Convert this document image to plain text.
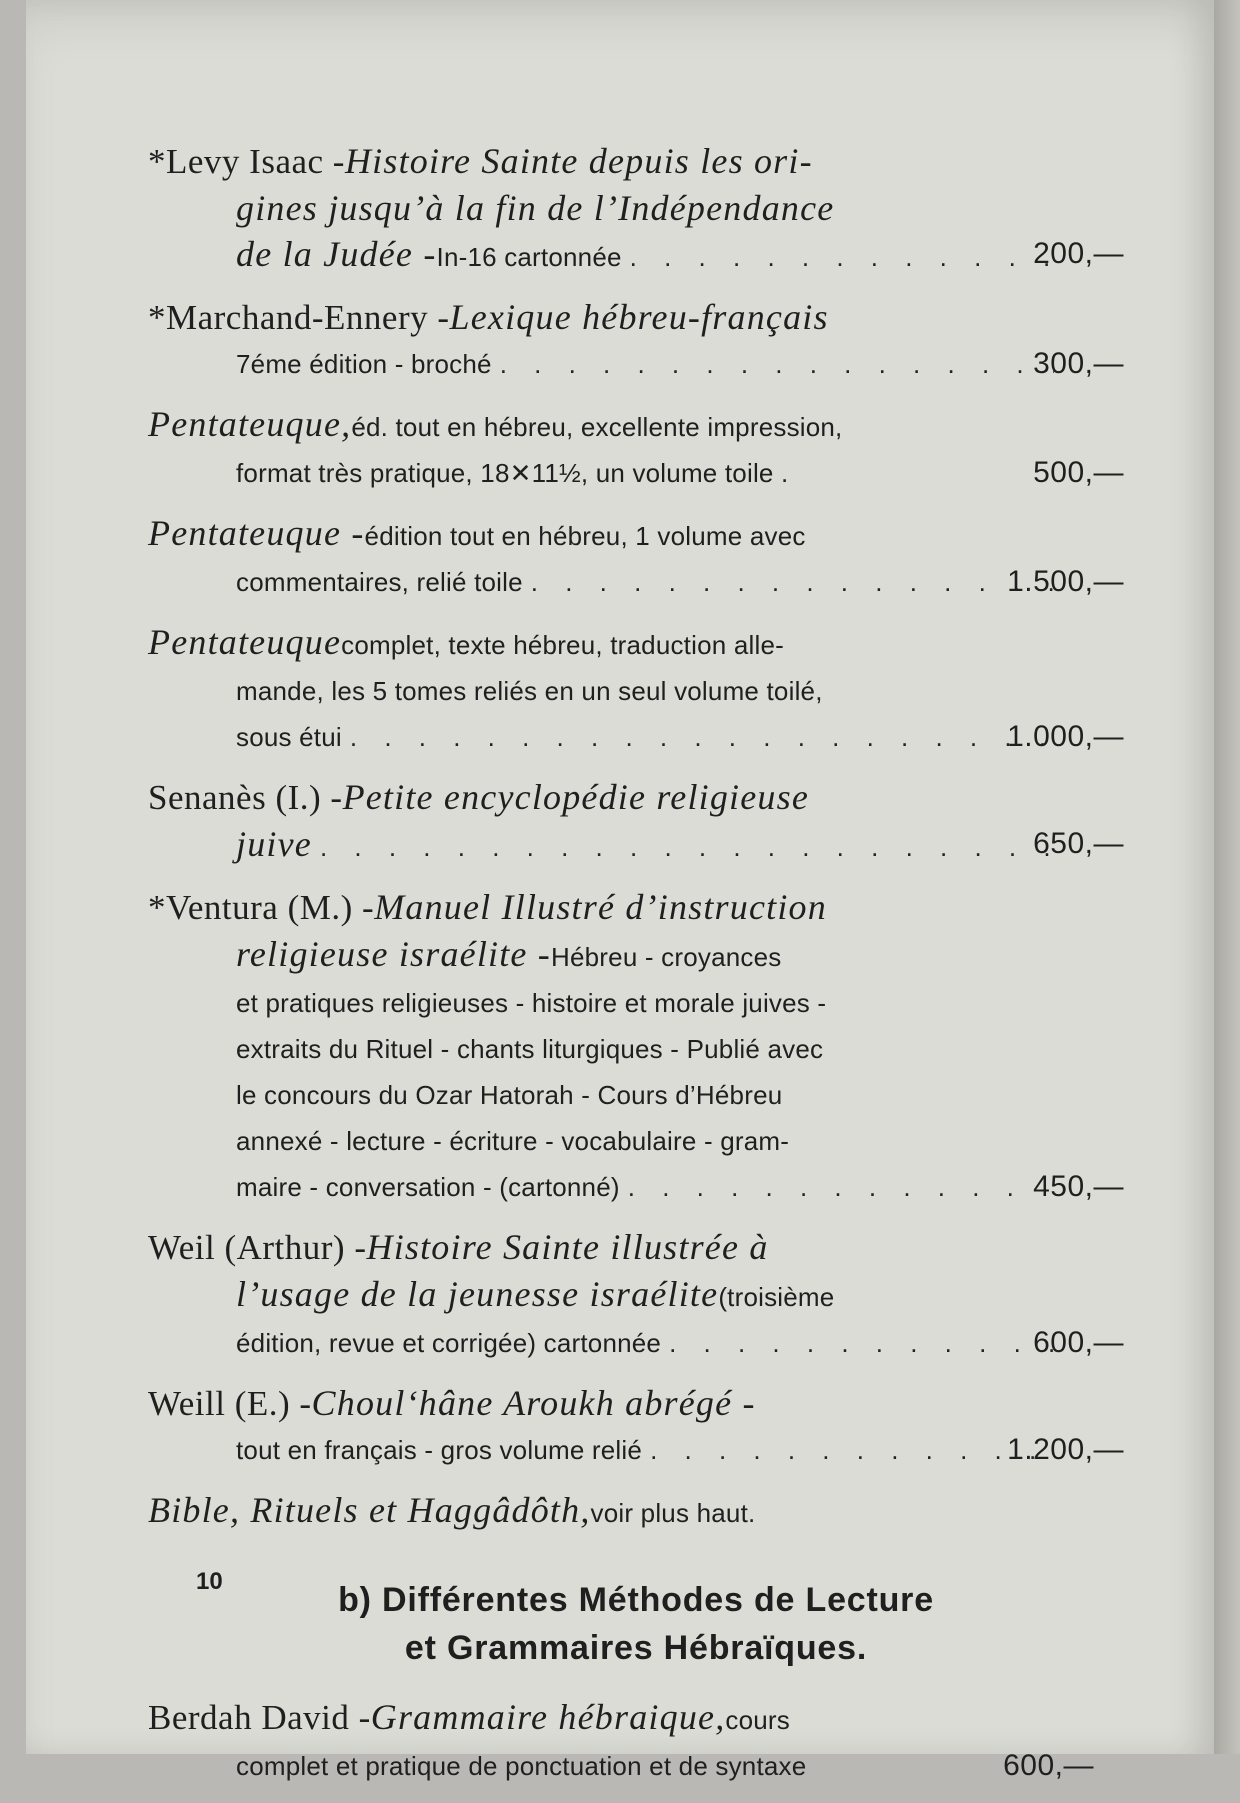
*Levy Isaac - Histoire Sainte depuis les ori-
gines jusqu’à la fin de l’Indépendance
de la Judée - In-16 cartonnée . . .	200,—
*Marchand-Ennery - Lexique hébreu-français
7éme édition - broché . . .	300,—
Pentateuque, éd. tout en hébreu, excellente impression,
format très pratique, 18✕11½, un volume toile .	500,—
Pentateuque - édition tout en hébreu, 1 volume avec
commentaires, relié toile . . .	1.500,—
Pentateuque complet, texte hébreu, traduction alle-
mande, les 5 tomes reliés en un seul volume toilé,
sous étui . . .	1.000,—
Senanès (I.) - Petite encyclopédie religieuse
juive . . .	650,—
*Ventura (M.) - Manuel Illustré d’instruction
religieuse israélite - Hébreu - croyances
et pratiques religieuses - histoire et morale juives -
extraits du Rituel - chants liturgiques - Publié avec
le concours du Ozar Hatorah - Cours d’Hébreu
annexé - lecture - écriture - vocabulaire - gram-
maire - conversation - (cartonné) . . .	450,—
Weil (Arthur) - Histoire Sainte illustrée à
l’usage de la jeunesse israélite (troisième
édition, revue et corrigée) cartonnée . . .	600,—
Weill (E.) - Choul‘hâne Aroukh abrégé -
tout en français - gros volume relié . . .	1.200,—
Bible, Rituels et Haggâdôth, voir plus haut.
b) Différentes Méthodes de Lecture
et Grammaires Hébraïques.
Berdah David - Grammaire hébraique, cours
complet et pratique de ponctuation et de syntaxe	600,—
10
